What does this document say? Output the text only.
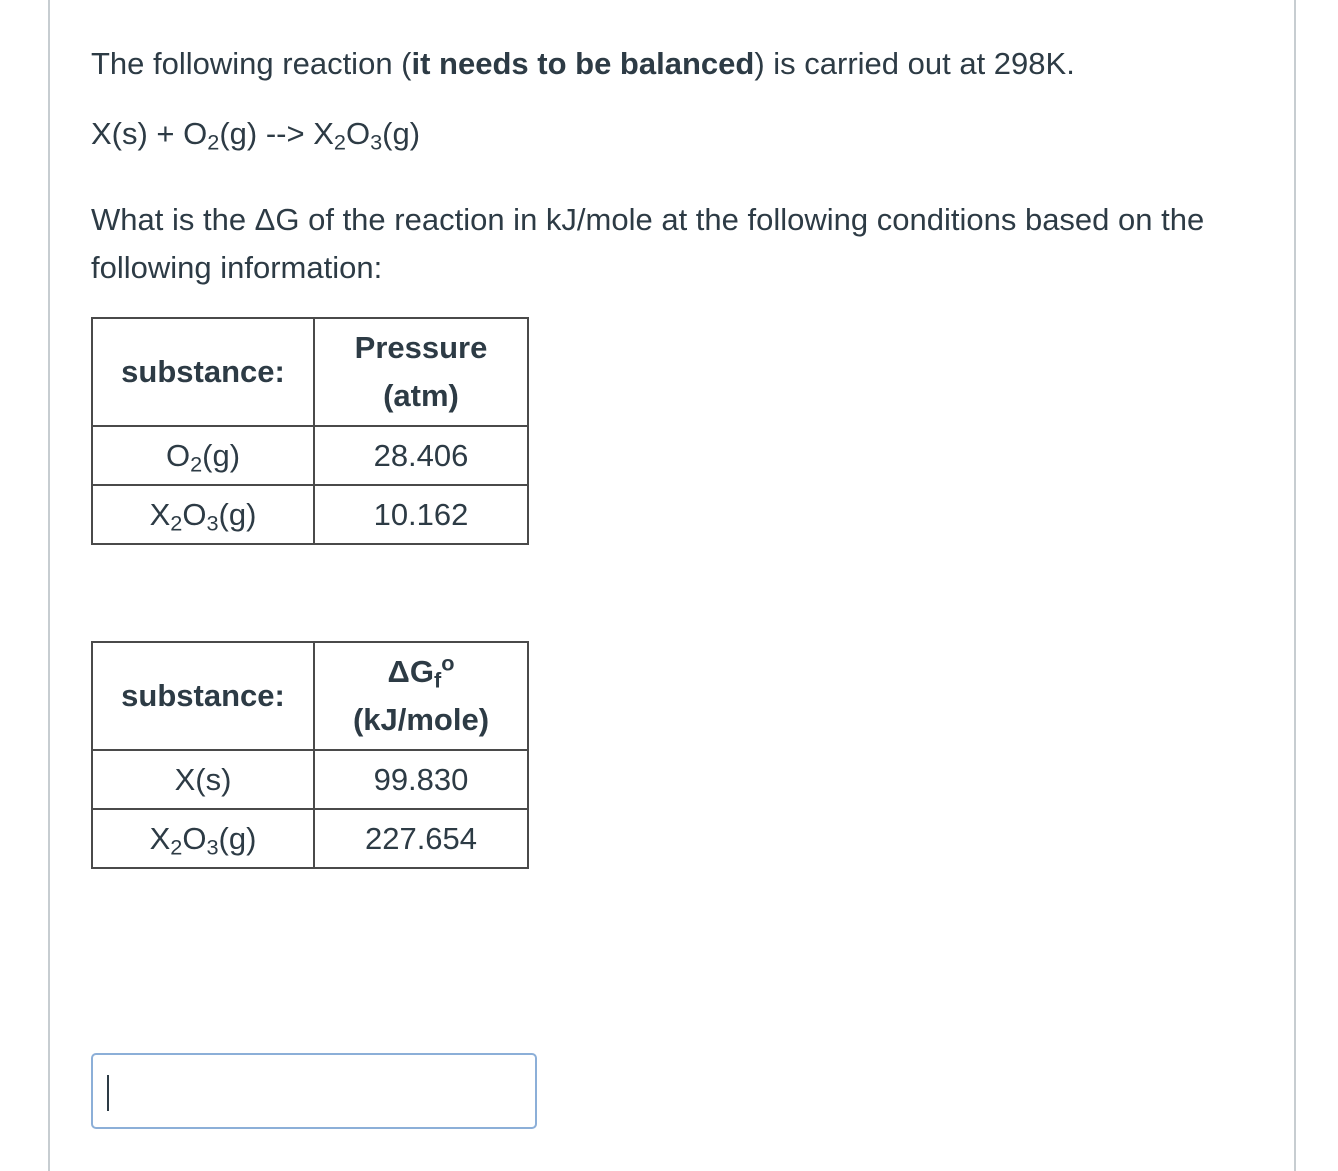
The following reaction (it needs to be balanced) is carried out at 298K.

$X(s) + O_2(g)$ --> $X_2O_3(g)$

What is the ΔG of the reaction in kJ/mole at the following conditions based on the following information:

substance:	Pressure
(atm)
$O_2(g)$	28.406
$X_2O_3(g)$	10.162
substance:	$\Delta G_f^o$
(kJ/mole)
X(s)	99.830
$X_2O_3(g)$	227.654
